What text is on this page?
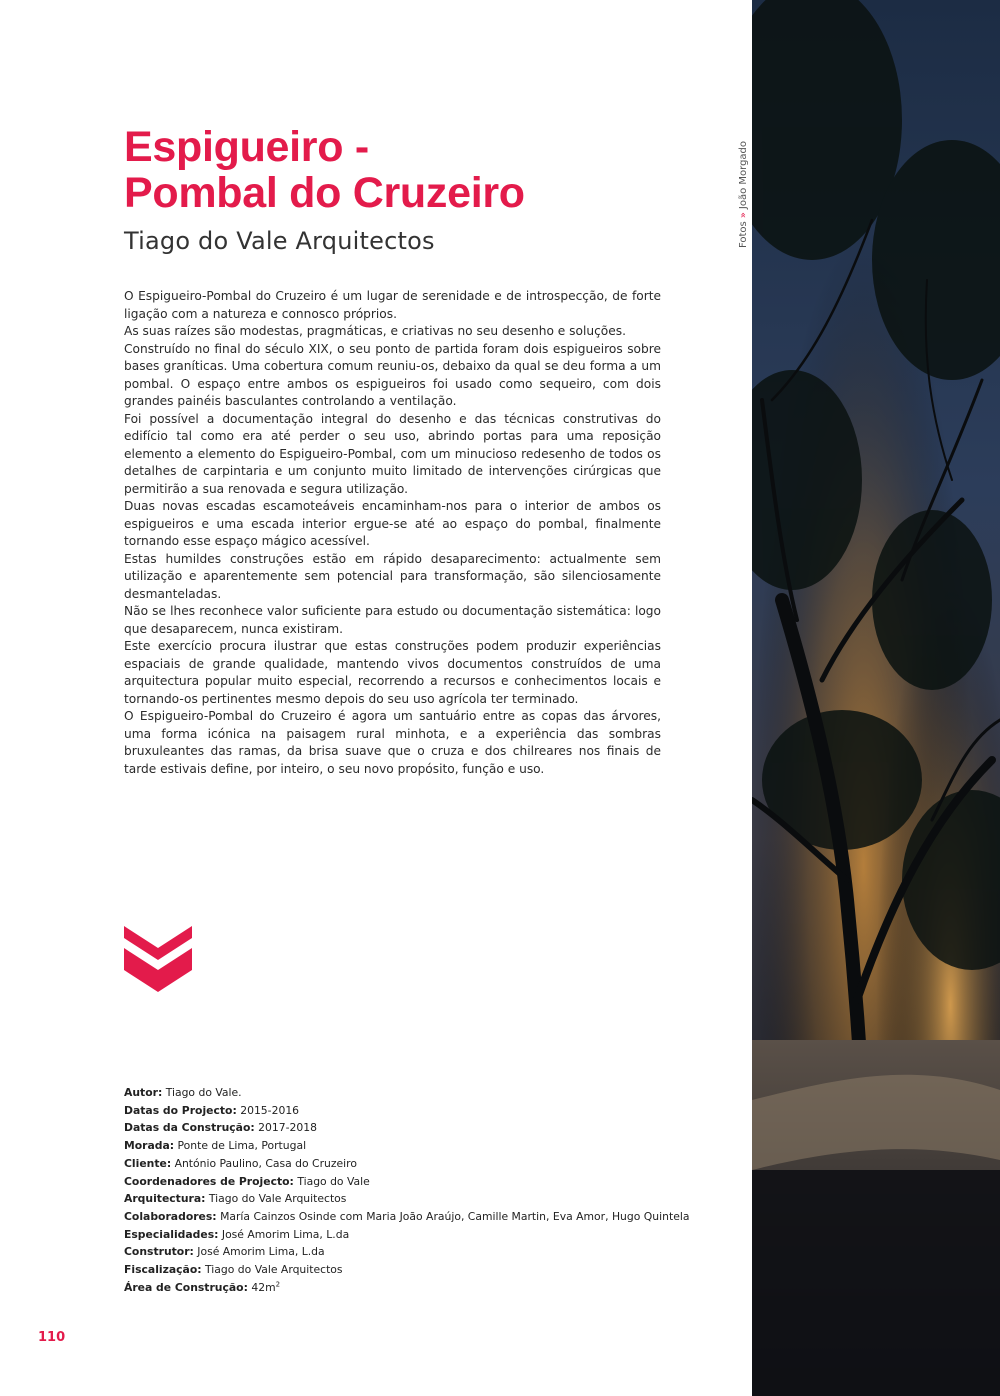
Espigueiro -
Pombal do Cruzeiro
Tiago do Vale Arquitectos

O Espigueiro-Pombal do Cruzeiro é um lugar de serenidade e de introspecção, de forte ligação com a natureza e connosco próprios.

As suas raízes são modestas, pragmáticas, e criativas no seu desenho e soluções.

Construído no final do século XIX, o seu ponto de partida foram dois espigueiros sobre bases graníticas. Uma cobertura comum reuniu-os, debaixo da qual se deu forma a um pombal. O espaço entre ambos os espigueiros foi usado como sequeiro, com dois grandes painéis basculantes controlando a ventilação.

Foi possível a documentação integral do desenho e das técnicas construtivas do edifício tal como era até perder o seu uso, abrindo portas para uma reposição elemento a elemento do Espigueiro-Pombal, com um minucioso redesenho de todos os detalhes de carpintaria e um conjunto muito limitado de intervenções cirúrgicas que permitirão a sua renovada e segura utilização.

Duas novas escadas escamoteáveis encaminham-nos para o interior de ambos os espigueiros e uma escada interior ergue-se até ao espaço do pombal, finalmente tornando esse espaço mágico acessível.

Estas humildes construções estão em rápido desaparecimento: actualmente sem utilização e aparentemente sem potencial para transformação, são silenciosamente desmanteladas.

Não se lhes reconhece valor suficiente para estudo ou documentação sistemática: logo que desaparecem, nunca existiram.

Este exercício procura ilustrar que estas construções podem produzir experiências espaciais de grande qualidade, mantendo vivos documentos construídos de uma arquitectura popular muito especial, recorrendo a recursos e conhecimentos locais e tornando-os pertinentes mesmo depois do seu uso agrícola ter terminado.

O Espigueiro-Pombal do Cruzeiro é agora um santuário entre as copas das árvores, uma forma icónica na paisagem rural minhota, e a experiência das sombras bruxuleantes das ramas, da brisa suave que o cruza e dos chilreares nos finais de tarde estivais define, por inteiro, o seu novo propósito, função e uso.

Autor: Tiago do Vale.
Datas do Projecto: 2015-2016
Datas da Construção: 2017-2018
Morada: Ponte de Lima, Portugal
Cliente: António Paulino, Casa do Cruzeiro
Coordenadores de Projecto: Tiago do Vale
Arquitectura: Tiago do Vale Arquitectos
Colaboradores: María Cainzos Osinde com Maria João Araújo, Camille Martin, Eva Amor, Hugo Quintela
Especialidades: José Amorim Lima, L.da
Construtor: José Amorim Lima, L.da
Fiscalização: Tiago do Vale Arquitectos
Área de Construção: $42m^2$
110
Fotos»João Morgado
